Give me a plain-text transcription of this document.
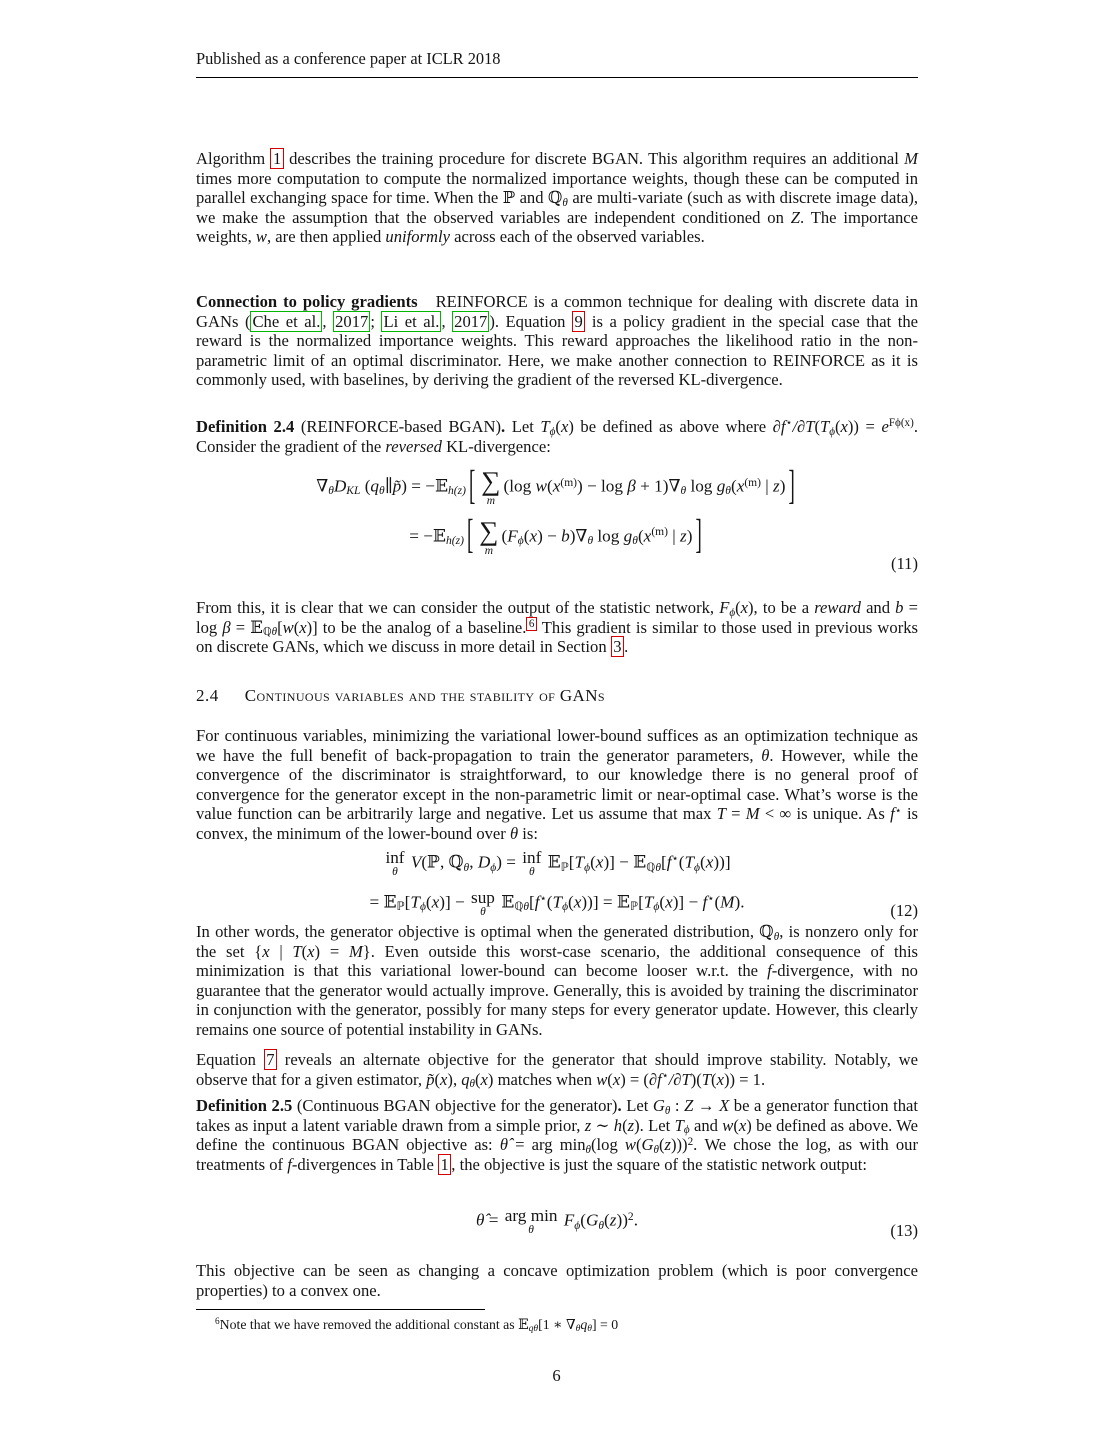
Published as a conference paper at ICLR 2018
Algorithm 1 describes the training procedure for discrete BGAN. This algorithm requires an additional M times more computation to compute the normalized importance weights, though these can be computed in parallel exchanging space for time. When the ℙ and ℚθ are multi-variate (such as with discrete image data), we make the assumption that the observed variables are independent conditioned on Z. The importance weights, w, are then applied uniformly across each of the observed variables.
Connection to policy gradients REINFORCE is a common technique for dealing with discrete data in GANs ( Che et al. , 2017 ; Li et al. , 2017 ). Equation 9 is a policy gradient in the special case that the reward is the normalized importance weights. This reward approaches the likelihood ratio in the non-parametric limit of an optimal discriminator. Here, we make another connection to REINFORCE as it is commonly used, with baselines, by deriving the gradient of the reversed KL-divergence.
Definition 2.4 (REINFORCE-based BGAN). Let Tϕ(x) be defined as above where $\partial f^⋆/\partial T(T\phi(x)) = e^{F\phi(x)}$. Consider the gradient of the reversed KL-divergence:
∇θDKL (qθ∥p̃) = −𝔼h(z) [ ∑
m
(log $w(x^{(m)}) - \log \beta + 1)\nabla\theta$ $\log g\theta(x^{(m)}$ | z) ]
= −𝔼h(z) [ ∑
m
(Fϕ(x) − b)∇θ $\log g\theta(x^{(m)}$ | z) ]
(11)
From this, it is clear that we can consider the output of the statistic network, Fϕ(x), to be a reward and b = log β = 𝔼ℚθ[w(x)] to be the analog of a baseline. $^6$ This gradient is similar to those used in previous works on discrete GANs, which we discuss in more detail in Section 3 .
2.4 Continuous variables and the stability of GANs
For continuous variables, minimizing the variational lower-bound suffices as an optimization technique as we have the full benefit of back-propagation to train the generator parameters, θ. However, while the convergence of the discriminator is straightforward, to our knowledge there is no general proof of convergence for the generator except in the non-parametric limit or near-optimal case. What’s worse is the value function can be arbitrarily large and negative. Let us assume that max T = M < ∞ is unique. As f⋆ is convex, the minimum of the lower-bound over θ is:
inf
θ
V(ℙ, ℚθ, Dϕ) = inf
θ
𝔼ℙ[Tϕ(x)] − 𝔼ℚθ[f⋆(Tϕ(x))]
= 𝔼ℙ[Tϕ(x)] − sup
θ
𝔼ℚθ[f⋆(Tϕ(x))] = 𝔼ℙ[Tϕ(x)] − f⋆(M).	(12)
In other words, the generator objective is optimal when the generated distribution, ℚθ, is nonzero only for the set {x | T(x) = M}. Even outside this worst-case scenario, the additional consequence of this minimization is that this variational lower-bound can become looser w.r.t. the f-divergence, with no guarantee that the generator would actually improve. Generally, this is avoided by training the discriminator in conjunction with the generator, possibly for many steps for every generator update. However, this clearly remains one source of potential instability in GANs.
Equation 7 reveals an alternate objective for the generator that should improve stability. Notably, we observe that for a given estimator, p̃(x), qθ(x) matches when w(x) = (∂f⋆/∂T)(T(x)) = 1.
Definition 2.5 (Continuous BGAN objective for the generator). Let Gθ : Z → X be a generator function that takes as input a latent variable drawn from a simple prior, z ∼ h(z). Let Tϕ and w(x) be defined as above. We define the continuous BGAN objective as: θ̂ = arg minθ(log w(Gθ(z)))$^2$. We chose the log, as with our treatments of f-divergences in Table 1 , the objective is just the square of the statistic network output:
θ̂ = arg min
θ
$F\phi(G\theta(z))^2$.
(13)
This objective can be seen as changing a concave optimization problem (which is poor convergence properties) to a convex one.
$^6$Note that we have removed the additional constant as 𝔼qθ[1 ∗ ∇θqθ] = 0
6
